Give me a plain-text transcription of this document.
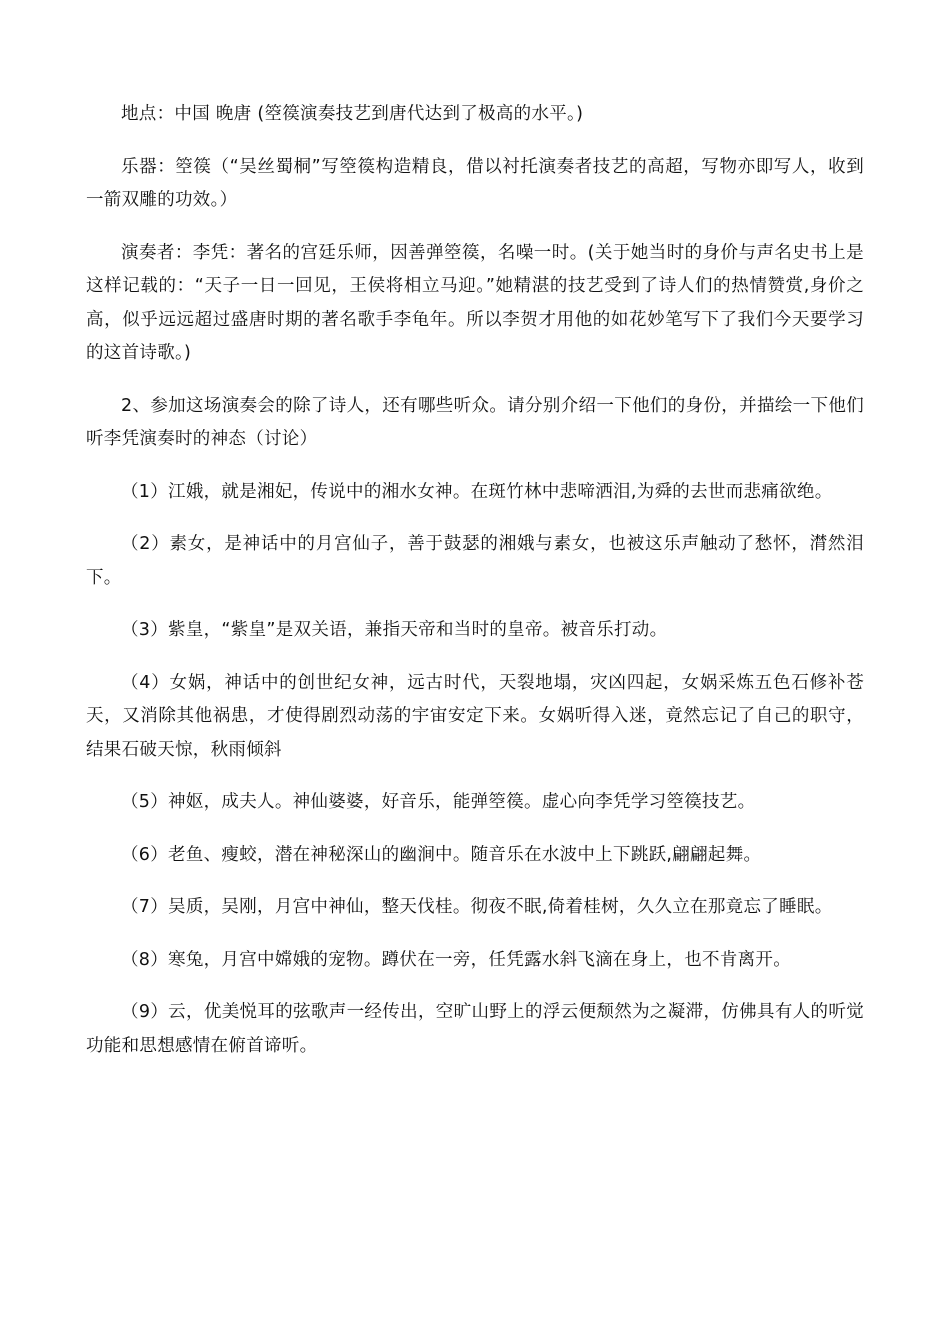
地点：中国 晚唐 (箜篌演奏技艺到唐代达到了极高的水平。)

乐器：箜篌（“吴丝蜀桐”写箜篌构造精良，借以衬托演奏者技艺的高超，写物亦即写人，收到一箭双雕的功效。）

演奏者：李凭：著名的宫廷乐师，因善弹箜篌，名噪一时。(关于她当时的身价与声名史书上是这样记载的：“天子一日一回见，王侯将相立马迎。”她精湛的技艺受到了诗人们的热情赞赏,身价之高，似乎远远超过盛唐时期的著名歌手李龟年。所以李贺才用他的如花妙笔写下了我们今天要学习的这首诗歌。)

2、参加这场演奏会的除了诗人，还有哪些听众。请分别介绍一下他们的身份，并描绘一下他们听李凭演奏时的神态（讨论）

（1）江娥，就是湘妃，传说中的湘水女神。在斑竹林中悲啼洒泪,为舜的去世而悲痛欲绝。

（2）素女，是神话中的月宫仙子，善于鼓瑟的湘娥与素女，也被这乐声触动了愁怀，潸然泪下。

（3）紫皇，“紫皇”是双关语，兼指天帝和当时的皇帝。被音乐打动。

（4）女娲，神话中的创世纪女神，远古时代，天裂地塌，灾凶四起，女娲采炼五色石修补苍天，又消除其他祸患，才使得剧烈动荡的宇宙安定下来。女娲听得入迷，竟然忘记了自己的职守，结果石破天惊，秋雨倾斜

（5）神妪，成夫人。神仙婆婆，好音乐，能弹箜篌。虚心向李凭学习箜篌技艺。

（6）老鱼、瘦蛟，潜在神秘深山的幽涧中。随音乐在水波中上下跳跃,翩翩起舞。

（7）吴质，吴刚，月宫中神仙，整天伐桂。彻夜不眠,倚着桂树，久久立在那竟忘了睡眠。

（8）寒兔，月宫中嫦娥的宠物。蹲伏在一旁，任凭露水斜飞滴在身上，也不肯离开。

（9）云，优美悦耳的弦歌声一经传出，空旷山野上的浮云便颓然为之凝滞，仿佛具有人的听觉功能和思想感情在俯首谛听。
